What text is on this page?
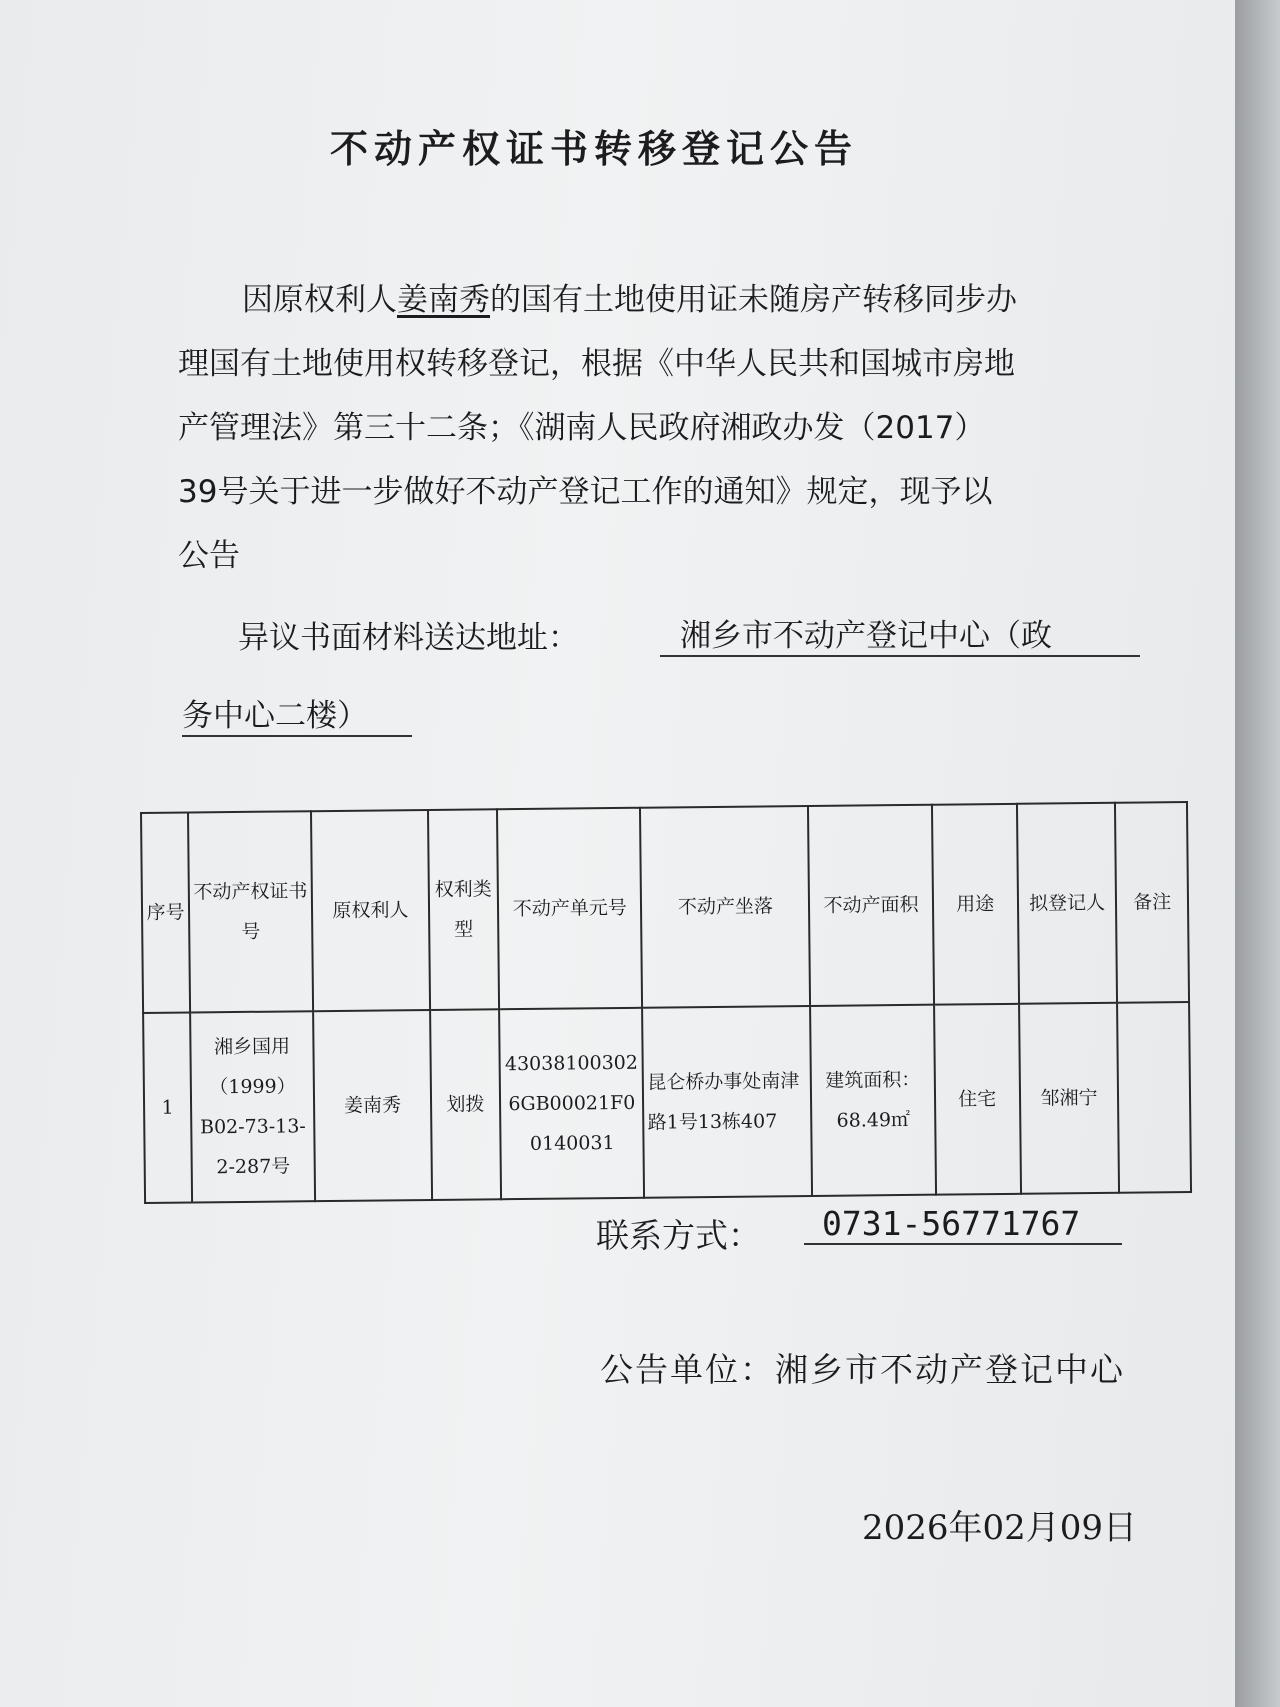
不动产权证书转移登记公告
因原权利人姜南秀的国有土地使用证未随房产转移同步办理国有土地使用权转移登记，根据《中华人民共和国城市房地产管理法》第三十二条；《湖南人民政府湘政办发（2017）39号关于进一步做好不动产登记工作的通知》规定，现予以公告
异议书面材料送达地址：	湘乡市不动产登记中心（政
务中心二楼）
序号	不动产权证书号	原权利人	权利类型	不动产单元号	不动产坐落	不动产面积	用途	拟登记人	备注
1	湘乡国用（1999）B02-73-13-2-287号	姜南秀	划拨	430381003026GB00021F00140031	昆仑桥办事处南津路1号13栋407	建筑面积：68.49㎡	住宅	邹湘宁	
联系方式：	0731-56771767
公告单位：湘乡市不动产登记中心
2026年02月09日
